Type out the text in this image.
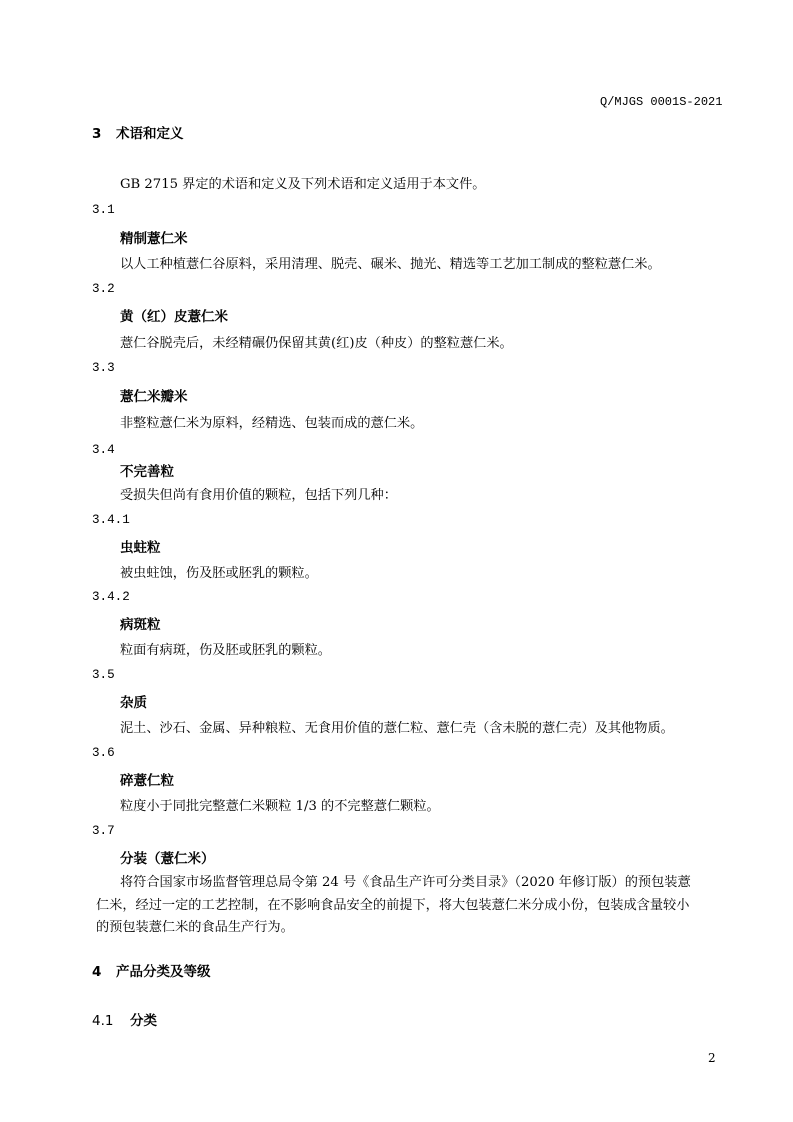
Q/MJGS 0001S-2021
3 术语和定义
GB 2715 界定的术语和定义及下列术语和定义适用于本文件。
3.1
精制薏仁米
以人工种植薏仁谷原料，采用清理、脱壳、碾米、抛光、精选等工艺加工制成的整粒薏仁米。
3.2
黄（红）皮薏仁米
薏仁谷脱壳后，未经精碾仍保留其黄(红)皮（种皮）的整粒薏仁米。
3.3
薏仁米瓣米
非整粒薏仁米为原料，经精选、包装而成的薏仁米。
3.4
不完善粒
受损失但尚有食用价值的颗粒，包括下列几种：
3.4.1
虫蛀粒
被虫蛀蚀，伤及胚或胚乳的颗粒。
3.4.2
病斑粒
粒面有病斑，伤及胚或胚乳的颗粒。
3.5
杂质
泥土、沙石、金属、异种粮粒、无食用价值的薏仁粒、薏仁壳（含未脱的薏仁壳）及其他物质。
3.6
碎薏仁粒
粒度小于同批完整薏仁米颗粒 1/3 的不完整薏仁颗粒。
3.7
分装（薏仁米）
将符合国家市场监督管理总局令第 24 号《食品生产许可分类目录》（2020 年修订版）的预包装薏
仁米，经过一定的工艺控制，在不影响食品安全的前提下，将大包装薏仁米分成小份，包装成含量较小
的预包装薏仁米的食品生产行为。
4 产品分类及等级
4.1 分类
2
